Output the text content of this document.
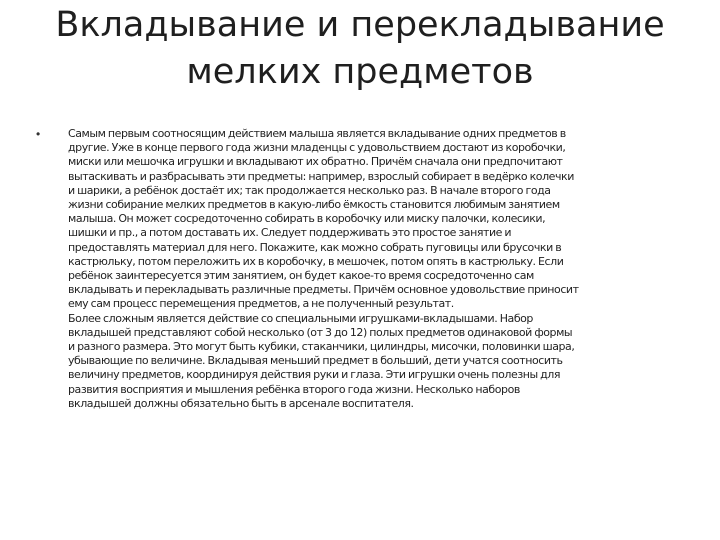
Вкладывание и перекладывание
мелких предметов
•	Самым первым соотносящим действием малыша является вкладывание одних предметов в
другие. Уже в конце первого года жизни младенцы с удовольствием достают из коробочки,
миски или мешочка игрушки и вкладывают их обратно. Причём сначала они предпочитают
вытаскивать и разбрасывать эти предметы: например, взрослый собирает в ведёрко колечки
и шарики, а ребёнок достаёт их; так продолжается несколько раз. В начале второго года
жизни собирание мелких предметов в какую-либо ёмкость становится любимым занятием
малыша. Он может сосредоточенно собирать в коробочку или миску палочки, колесики,
шишки и пр., а потом доставать их. Следует поддерживать это простое занятие и
предоставлять материал для него. Покажите, как можно собрать пуговицы или брусочки в
кастрюльку, потом переложить их в коробочку, в мешочек, потом опять в кастрюльку. Если
ребёнок заинтересуется этим занятием, он будет какое-то время сосредоточенно сам
вкладывать и перекладывать различные предметы. Причём основное удовольствие приносит
ему сам процесс перемещения предметов, а не полученный результат.
Более сложным является действие со специальными игрушками-вкладышами. Набор
вкладышей представляют собой несколько (от 3 до 12) полых предметов одинаковой формы
и разного размера. Это могут быть кубики, стаканчики, цилиндры, мисочки, половинки шара,
убывающие по величине. Вкладывая меньший предмет в больший, дети учатся соотносить
величину предметов, координируя действия руки и глаза. Эти игрушки очень полезны для
развития восприятия и мышления ребёнка второго года жизни. Несколько наборов
вкладышей должны обязательно быть в арсенале воспитателя.
